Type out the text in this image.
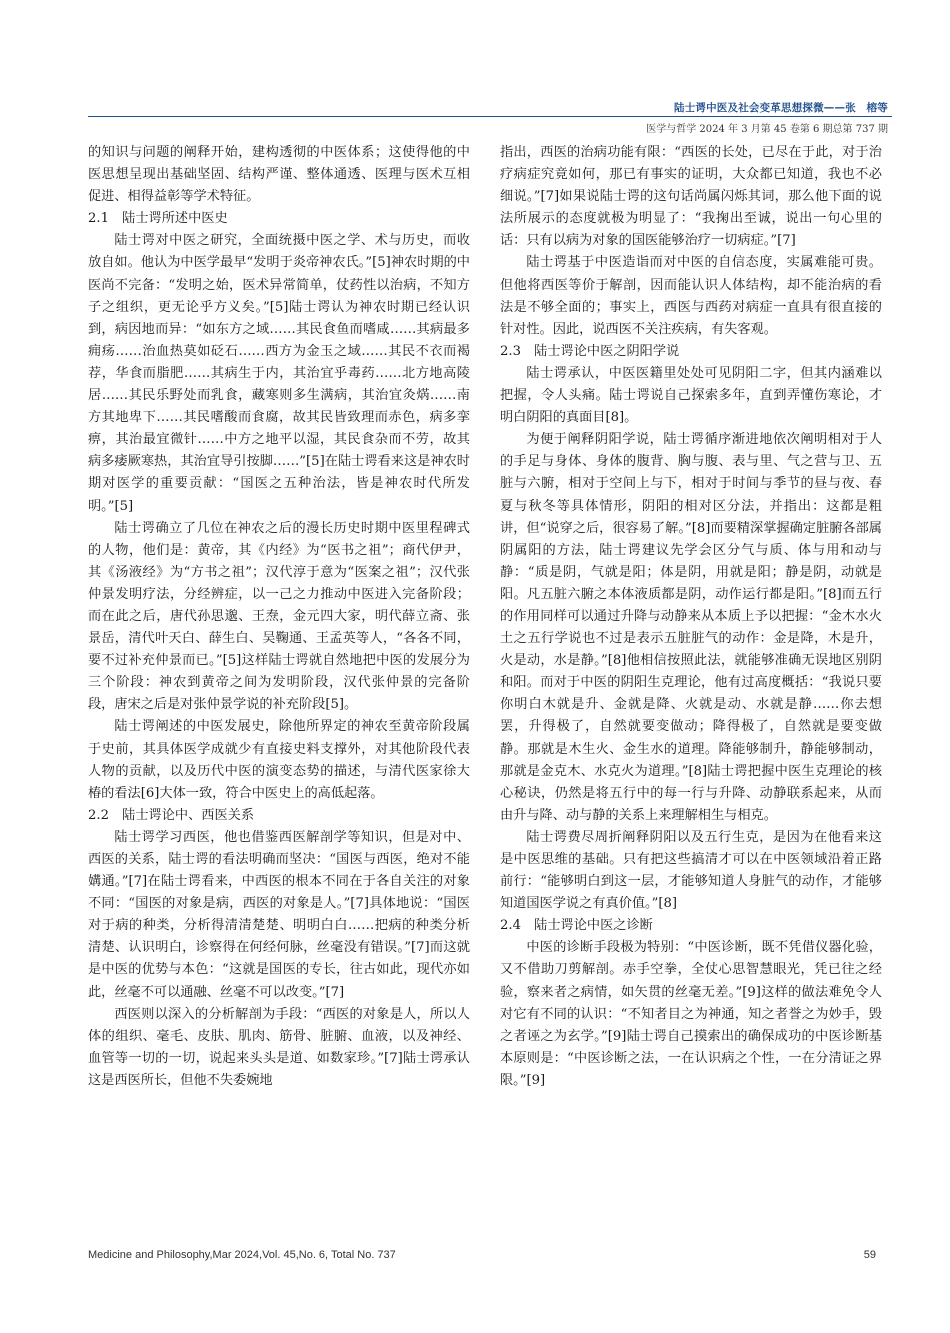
陆士谔中医及社会变革思想探微——张　榕等
医学与哲学 2024 年 3 月第 45 卷第 6 期总第 737 期

的知识与问题的阐释开始，建构透彻的中医体系；这使得他的中医思想呈现出基础坚固、结构严谨、整体通透、医理与医术互相促进、相得益彰等学术特征。

2.1　陆士谔所述中医史

陆士谔对中医之研究，全面统摄中医之学、术与历史，而收放自如。他认为中医学最早“发明于炎帝神农氏。”[5]神农时期的中医尚不完备：“发明之始，医术异常简单，仗药性以治病，不知方子之组织，更无论乎方义矣。”[5]陆士谔认为神农时期已经认识到，病因地而异：“如东方之域……其民食鱼而嗜咸……其病最多痈疡……治血热莫如砭石……西方为金玉之域……其民不衣而褐荐，华食而脂肥……其病生于内，其治宜乎毒药……北方地高陵居……其民乐野处而乳食，藏寒则多生满病，其治宜灸焫……南方其地卑下……其民嗜酸而食腐，故其民皆致理而赤色，病多挛痹，其治最宜微针……中方之地平以湿，其民食杂而不劳，故其病多痿厥寒热，其治宜导引按脚……”[5]在陆士谔看来这是神农时期对医学的重要贡献：“国医之五种治法，皆是神农时代所发明。”[5]

陆士谔确立了几位在神农之后的漫长历史时期中医里程碑式的人物，他们是：黄帝，其《内经》为“医书之祖”；商代伊尹，其《汤液经》为“方书之祖”；汉代淳于意为“医案之祖”；汉代张仲景发明疗法，分经辨症，以一己之力推动中医进入完备阶段；而在此之后，唐代孙思邈、王焘，金元四大家，明代薛立斋、张景岳，清代叶天白、薛生白、吴鞠通、王孟英等人，“各各不同，要不过补充仲景而已。”[5]这样陆士谔就自然地把中医的发展分为三个阶段：神农到黄帝之间为发明阶段，汉代张仲景的完备阶段，唐宋之后是对张仲景学说的补充阶段[5]。

陆士谔阐述的中医发展史，除他所界定的神农至黄帝阶段属于史前，其具体医学成就少有直接史料支撑外，对其他阶段代表人物的贡献，以及历代中医的演变态势的描述，与清代医家徐大椿的看法[6]大体一致，符合中医史上的高低起落。

2.2　陆士谔论中、西医关系

陆士谔学习西医，他也借鉴西医解剖学等知识，但是对中、西医的关系，陆士谔的看法明确而坚决：“国医与西医，绝对不能媾通。”[7]在陆士谔看来，中西医的根本不同在于各自关注的对象不同：“国医的对象是病，西医的对象是人。”[7]具体地说：“国医对于病的种类，分析得清清楚楚、明明白白……把病的种类分析清楚、认识明白，诊察得在何经何脉，丝毫没有错误。”[7]而这就是中医的优势与本色：“这就是国医的专长，往古如此，现代亦如此，丝毫不可以通融、丝毫不可以改变。”[7]

西医则以深入的分析解剖为手段：“西医的对象是人，所以人体的组织、毫毛、皮肤、肌肉、筋骨、脏腑、血液，以及神经、血管等一切的一切，说起来头头是道、如数家珍。”[7]陆士谔承认这是西医所长，但他不失委婉地

指出，西医的治病功能有限：“西医的长处，已尽在于此，对于治疗病症究竟如何，那已有事实的证明，大众都已知道，我也不必细说。”[7]如果说陆士谔的这句话尚属闪烁其词，那么他下面的说法所展示的态度就极为明显了：“我掬出至诚，说出一句心里的话：只有以病为对象的国医能够治疗一切病症。”[7]

陆士谔基于中医造诣而对中医的自信态度，实属难能可贵。但他将西医等价于解剖，因而能认识人体结构，却不能治病的看法是不够全面的；事实上，西医与西药对病症一直具有很直接的针对性。因此，说西医不关注疾病，有失客观。

2.3　陆士谔论中医之阴阳学说

陆士谔承认，中医医籍里处处可见阴阳二字，但其内涵难以把握，令人头痛。陆士谔说自己探索多年，直到弄懂伤寒论，才明白阴阳的真面目[8]。

为便于阐释阴阳学说，陆士谔循序渐进地依次阐明相对于人的手足与身体、身体的腹背、胸与腹、表与里、气之营与卫、五脏与六腑，相对于空间上与下，相对于时间与季节的昼与夜、春夏与秋冬等具体情形，阴阳的相对区分法，并指出：这都是粗讲，但“说穿之后，很容易了解。”[8]而要精深掌握确定脏腑各部属阴属阳的方法，陆士谔建议先学会区分气与质、体与用和动与静：“质是阴，气就是阳；体是阴，用就是阳；静是阴，动就是阳。凡五脏六腑之本体液质都是阴，动作运行都是阳。”[8]而五行的作用同样可以通过升降与动静来从本质上予以把握：“金木水火土之五行学说也不过是表示五脏脏气的动作：金是降，木是升，火是动，水是静。”[8]他相信按照此法，就能够准确无误地区别阴和阳。而对于中医的阴阳生克理论，他有过高度概括：“我说只要你明白木就是升、金就是降、火就是动、水就是静……你去想罢，升得极了，自然就要变做动；降得极了，自然就是要变做静。那就是木生火、金生水的道理。降能够制升，静能够制动，那就是金克木、水克火为道理。”[8]陆士谔把握中医生克理论的核心秘诀，仍然是将五行中的每一行与升降、动静联系起来，从而由升与降、动与静的关系上来理解相生与相克。

陆士谔费尽周折阐释阴阳以及五行生克，是因为在他看来这是中医思维的基础。只有把这些搞清才可以在中医领域沿着正路前行：“能够明白到这一层，才能够知道人身脏气的动作，才能够知道国医学说之有真价值。”[8]

2.4　陆士谔论中医之诊断

中医的诊断手段极为特别：“中医诊断，既不凭借仪器化验，又不借助刀剪解剖。赤手空拳，全仗心思智慧眼光，凭已往之经验，察来者之病情，如矢贯的丝毫无差。”[9]这样的做法难免令人对它有不同的认识：“不知者目之为神通，知之者誉之为妙手，毁之者诬之为玄学。”[9]陆士谔自己摸索出的确保成功的中医诊断基本原则是：“中医诊断之法，一在认识病之个性，一在分清证之界限。”[9]

Medicine and Philosophy,Mar 2024,Vol. 45,No. 6, Total No. 737	59
